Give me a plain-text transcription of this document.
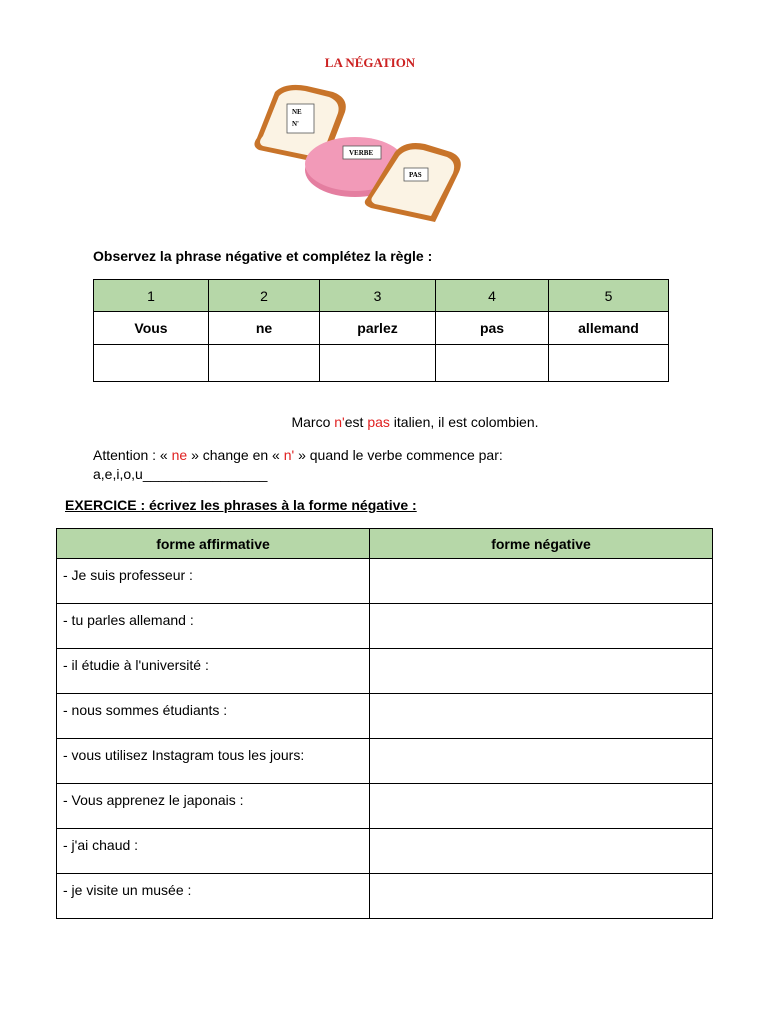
LA NÉGATION
NE
N'
VERBE
PAS
Observez la phrase négative et complétez la règle :
1	2	3	4	5
Vous	ne	parlez	pas	allemand

Marco n'est pas italien, il est colombien.
Attention : « ne » change en « n' » quand le verbe commence par:
a,e,i,o,u________________
EXERCICE : écrivez les phrases à la forme négative :
forme affirmative	forme négative
- Je suis professeur :	
- tu parles allemand :	
- il étudie à l'université :	
- nous sommes étudiants :	
- vous utilisez Instagram tous les jours:	
- Vous apprenez le japonais :	
- j'ai chaud :	
- je visite un musée :	
